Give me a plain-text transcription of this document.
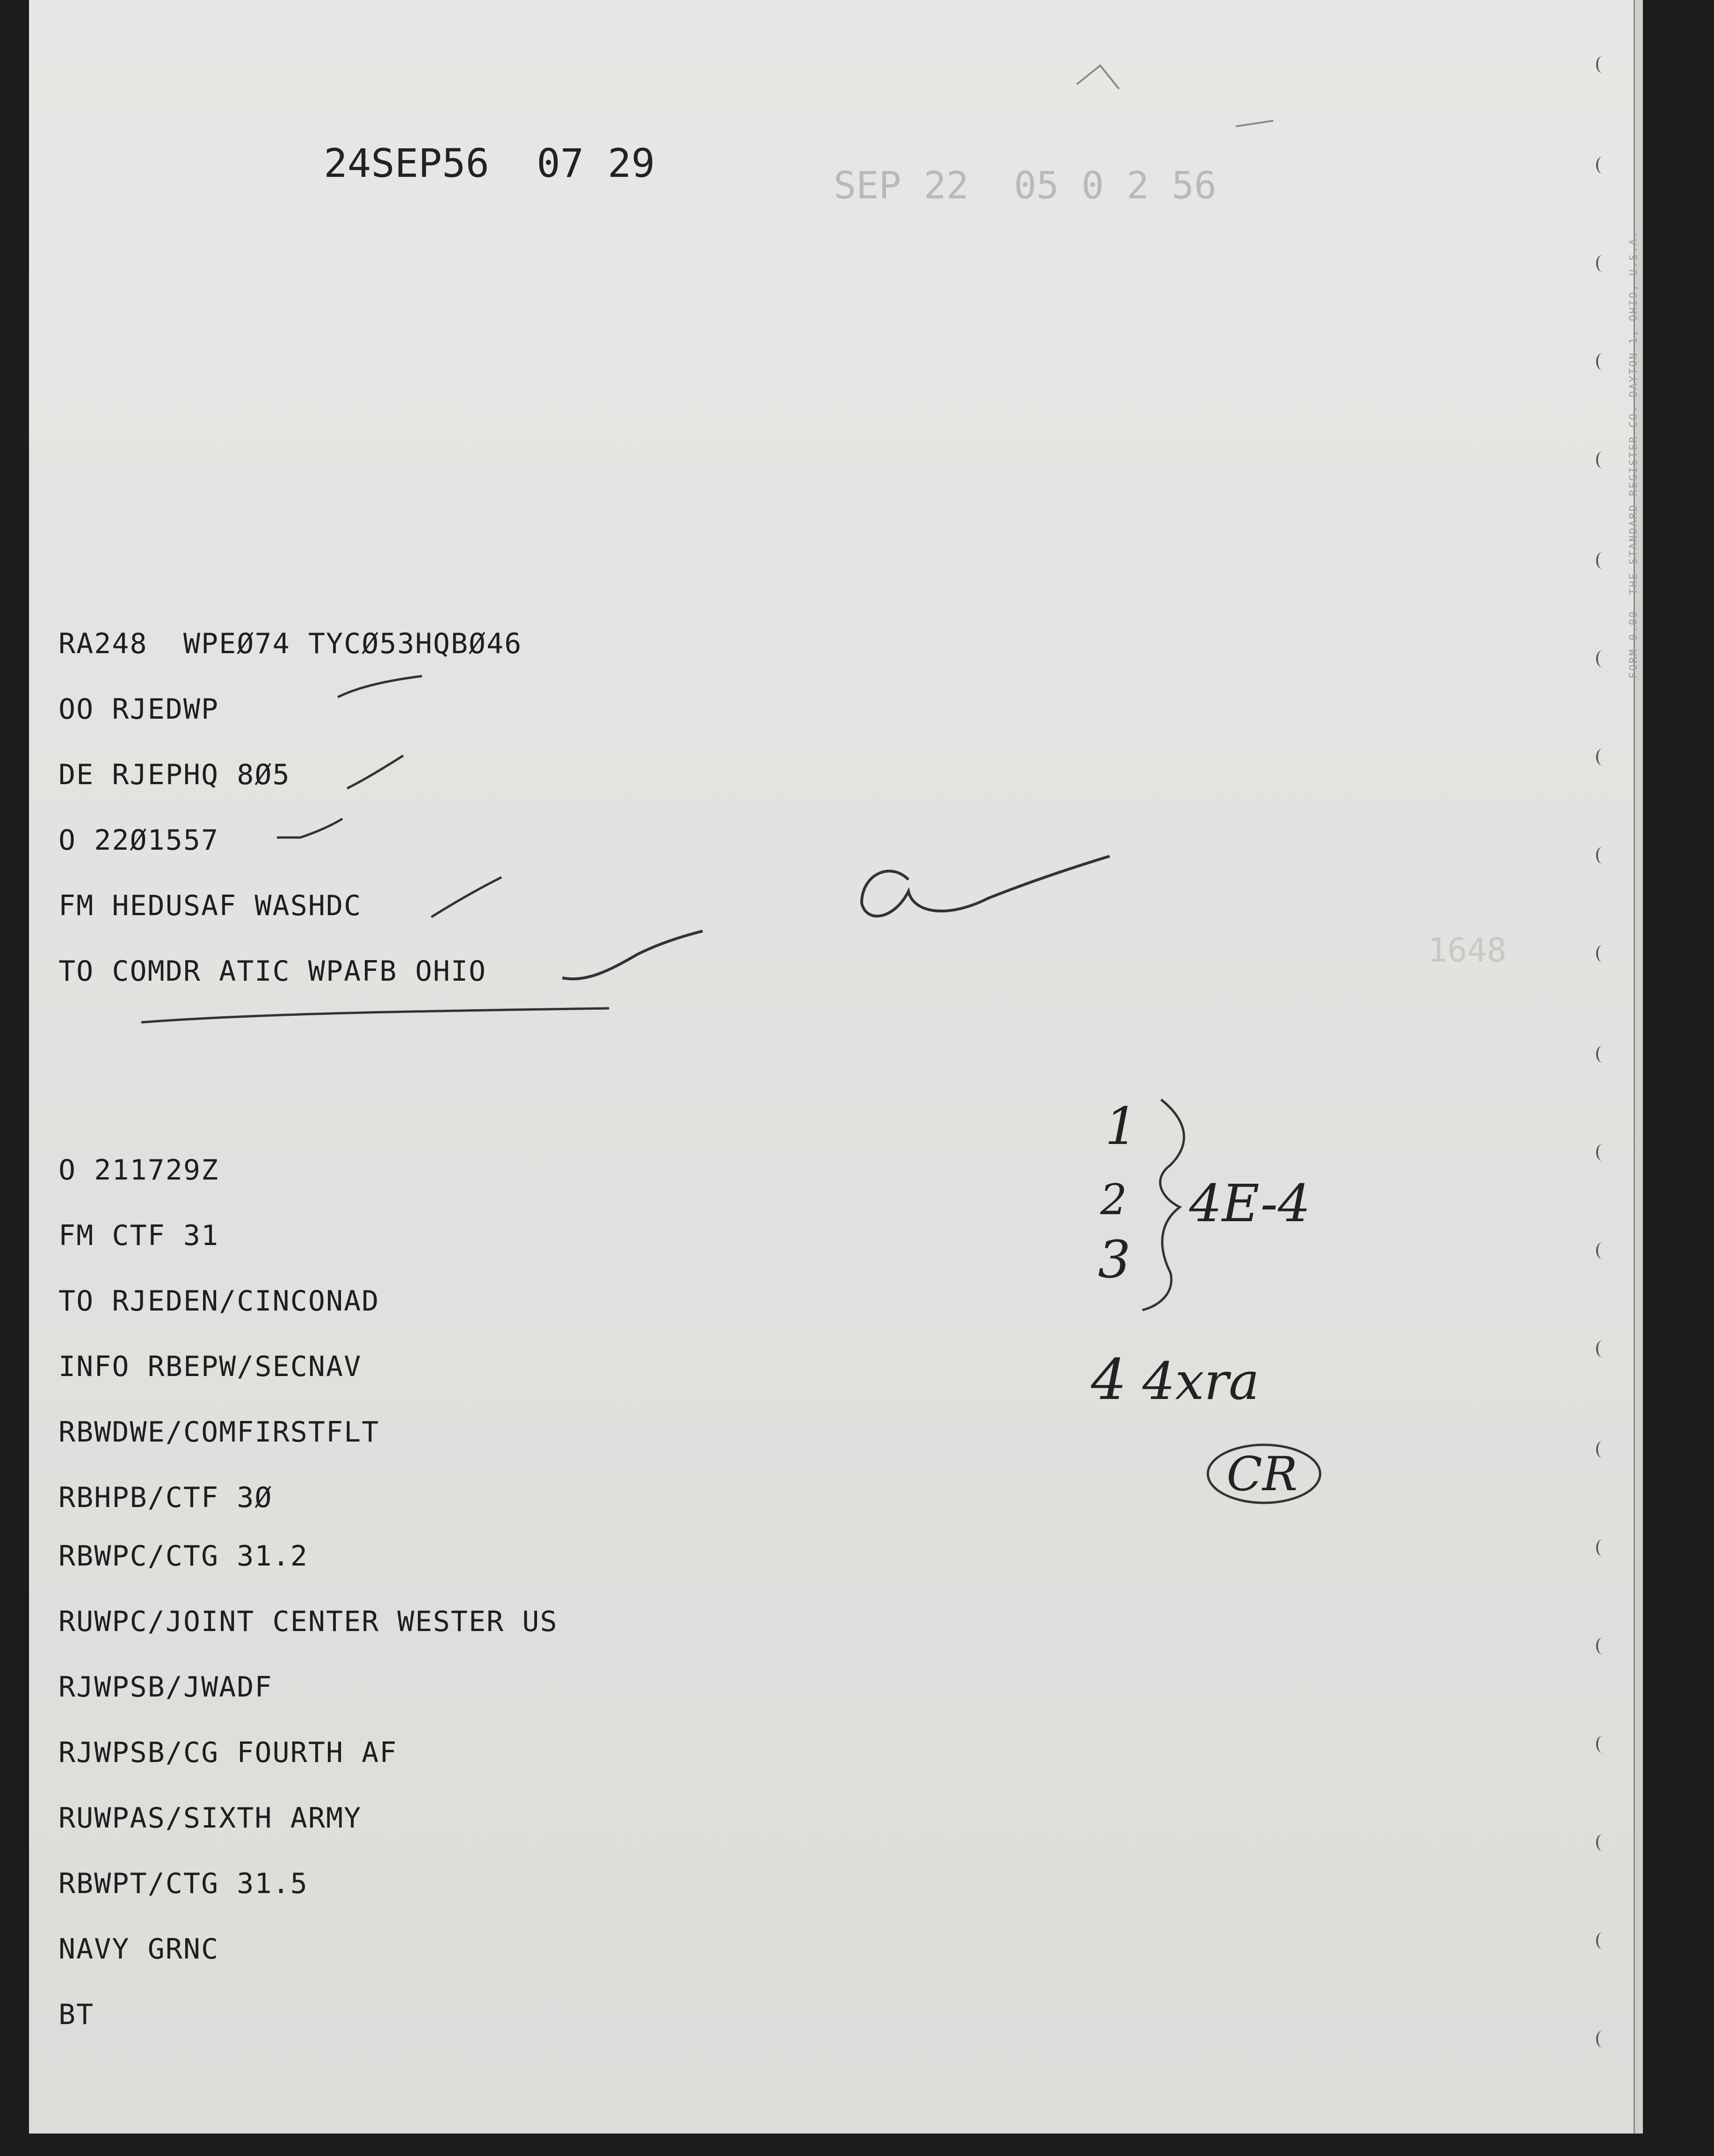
24SEP56  07 29	SEP 22  05 0 2 56
RA248  WPEØ74 TYCØ53HQBØ46
OO RJEDWP
DE RJEPHQ 8Ø5
O 22Ø1557
FM HEDUSAF WASHDC
TO COMDR ATIC WPAFB OHIO
1648
O 211729Z
FM CTF 31
TO RJEDEN/CINCONAD
INFO RBEPW/SECNAV
RBWDWE/COMFIRSTFLT
RBHPB/CTF 3Ø
RBWPC/CTG 31.2
RUWPC/JOINT CENTER WESTER US
RJWPSB/JWADF
RJWPSB/CG FOURTH AF
RUWPAS/SIXTH ARMY
RBWPT/CTG 31.5
NAVY GRNC
BT
1
2
3
4E-4
4 4xra
CR
FORM 0.00  THE STANDARD REGISTER CO. DAYTON 1, OHIO, U.S.A.
